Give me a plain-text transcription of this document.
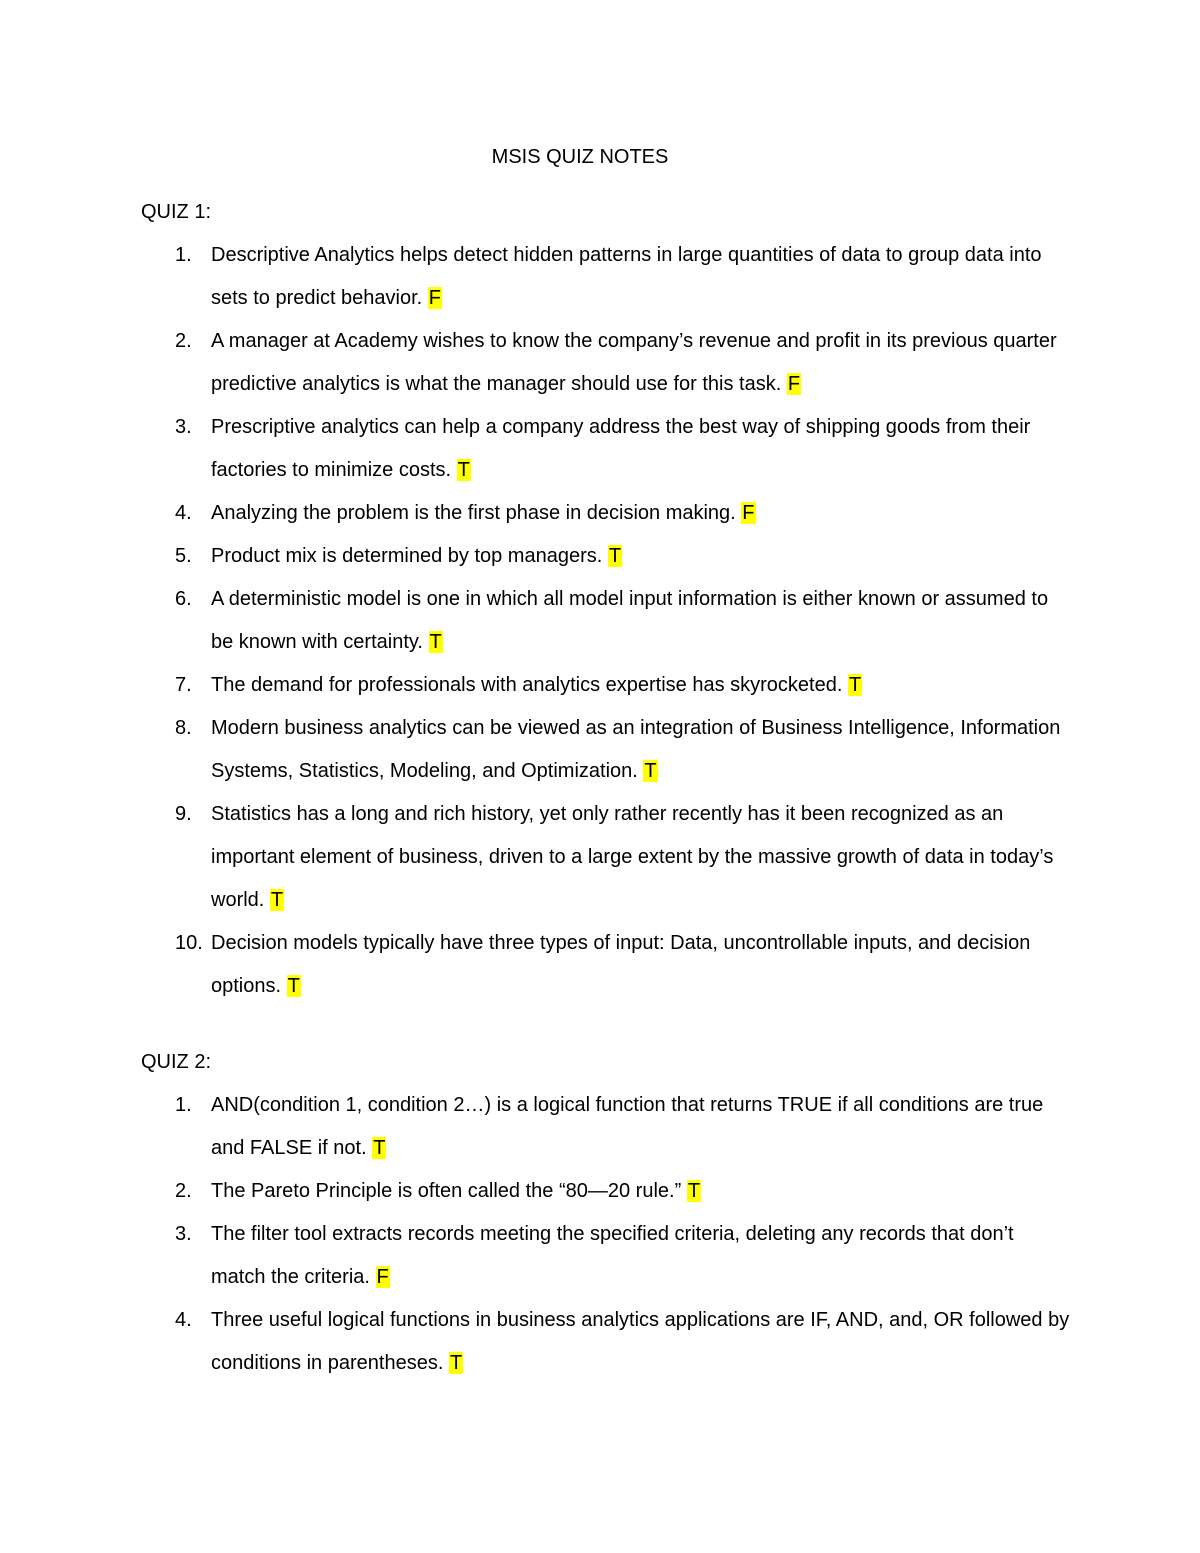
MSIS QUIZ NOTES
QUIZ 1:
1. Descriptive Analytics helps detect hidden patterns in large quantities of data to group data into sets to predict behavior. F
2. A manager at Academy wishes to know the company’s revenue and profit in its previous quarter predictive analytics is what the manager should use for this task. F
3. Prescriptive analytics can help a company address the best way of shipping goods from their factories to minimize costs. T
4. Analyzing the problem is the first phase in decision making. F
5. Product mix is determined by top managers. T
6. A deterministic model is one in which all model input information is either known or assumed to be known with certainty. T
7. The demand for professionals with analytics expertise has skyrocketed. T
8. Modern business analytics can be viewed as an integration of Business Intelligence, Information Systems, Statistics, Modeling, and Optimization. T
9. Statistics has a long and rich history, yet only rather recently has it been recognized as an important element of business, driven to a large extent by the massive growth of data in today’s world. T
10. Decision models typically have three types of input: Data, uncontrollable inputs, and decision options. T
QUIZ 2:
1. AND(condition 1, condition 2…) is a logical function that returns TRUE if all conditions are true and FALSE if not. T
2. The Pareto Principle is often called the “80—20 rule.” T
3. The filter tool extracts records meeting the specified criteria, deleting any records that don’t match the criteria. F
4. Three useful logical functions in business analytics applications are IF, AND, and, OR followed by conditions in parentheses. T
